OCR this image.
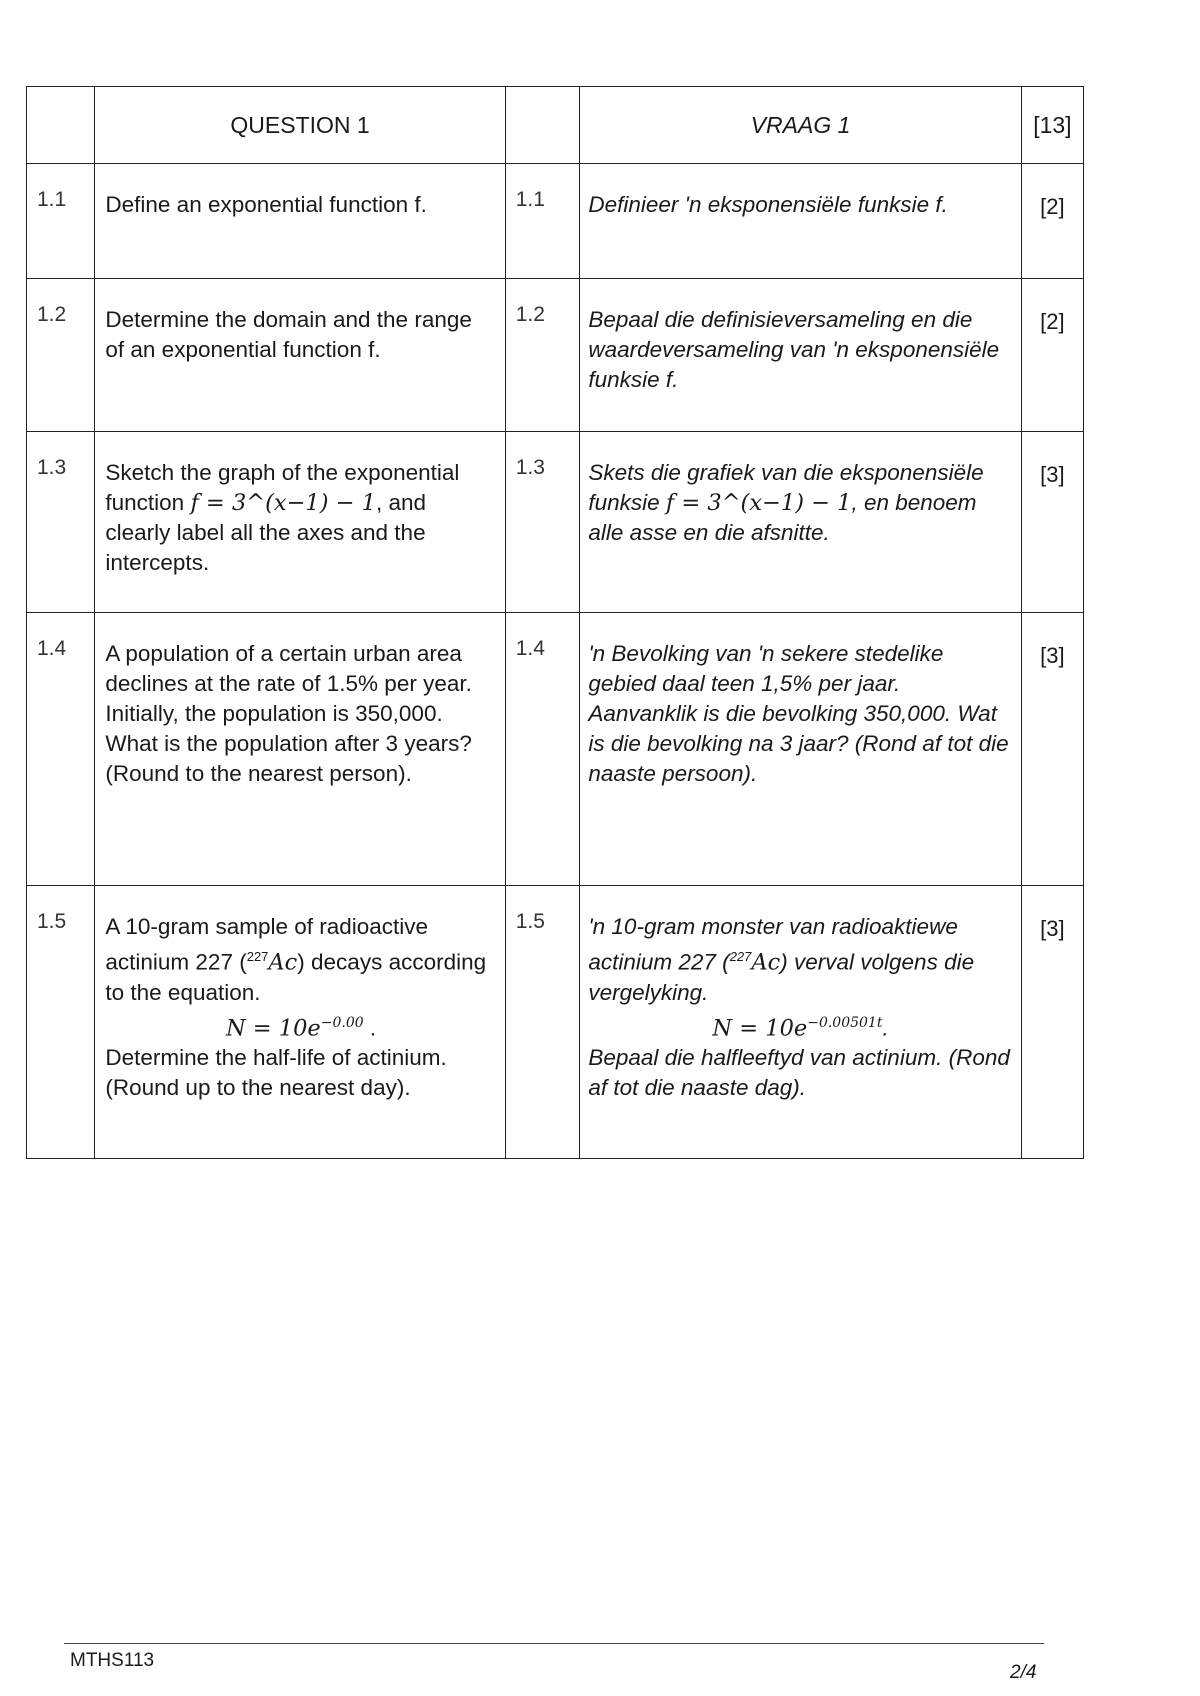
	QUESTION 1		VRAAG 1	[13]
1.1	Define an exponential function f.	1.1	Definieer 'n eksponensiële funksie f.	[2]
1.2	Determine the domain and the range of an exponential function f.	1.2	Bepaal die definisieversameling en die waardeversameling van 'n eksponensiële funksie f.	[2]
1.3	Sketch the graph of the exponential function f = 3^(x−1) − 1, and clearly label all the axes and the intercepts.	1.3	Skets die grafiek van die eksponensiële funksie f = 3^(x−1) − 1, en benoem alle asse en die afsnitte.	[3]
1.4	A population of a certain urban area declines at the rate of 1.5% per year. Initially, the population is 350,000. What is the population after 3 years? (Round to the nearest person).	1.4	'n Bevolking van 'n sekere stedelike gebied daal teen 1,5% per jaar. Aanvanklik is die bevolking 350,000. Wat is die bevolking na 3 jaar? (Rond af tot die naaste persoon).	[3]
1.5	A 10-gram sample of radioactive actinium 227 ($^{227}$Ac) decays according to the equation.
$N = 10e^{-0.00}$ .
Determine the half-life of actinium. (Round up to the nearest day).	1.5	'n 10-gram monster van radioaktiewe actinium 227 ($^{227}$Ac) verval volgens die vergelyking.
$N = 10e^{-0.00501t}$.
Bepaal die halfleeftyd van actinium. (Rond af tot die naaste dag).	[3]
MTHS113
2/4
